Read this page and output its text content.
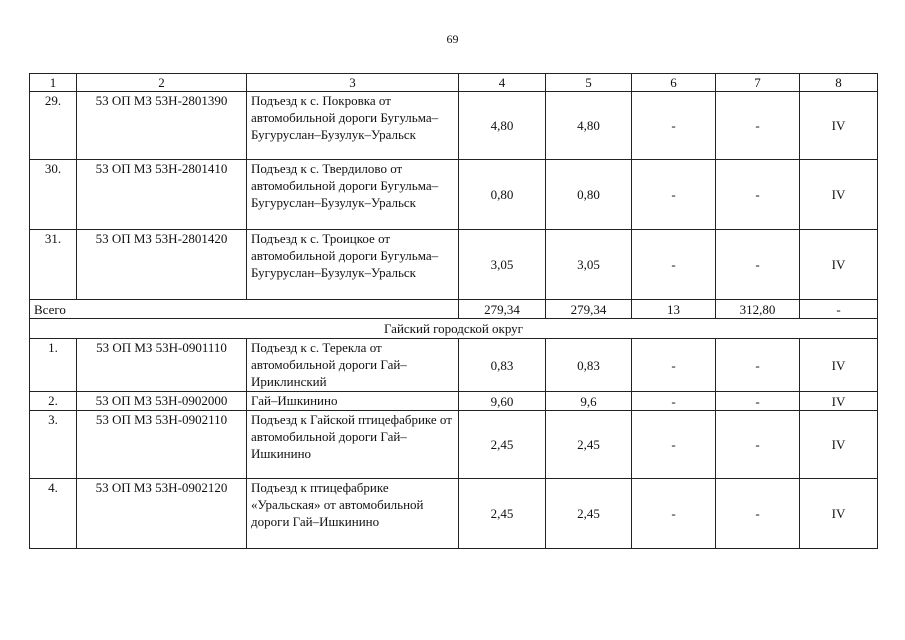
69
1	2	3	4	5	6	7	8
29.	53 ОП МЗ 53Н-2801390	Подъезд к с. Покровка от автомобильной дороги Бугульма–Бугуруслан–Бузулук–Уральск	4,80	4,80	-	-	IV
30.	53 ОП МЗ 53Н-2801410	Подъезд к с. Твердилово от автомобильной дороги Бугульма–Бугуруслан–Бузулук–Уральск	0,80	0,80	-	-	IV
31.	53 ОП МЗ 53Н-2801420	Подъезд к с. Троицкое от автомобильной дороги Бугульма–Бугуруслан–Бузулук–Уральск	3,05	3,05	-	-	IV
Всего			279,34	279,34	13	312,80	-
Гайский городской округ							
1.	53 ОП МЗ 53Н-0901110	Подъезд к с. Терекла от автомобильной дороги Гай–Ириклинский	0,83	0,83	-	-	IV
2.	53 ОП МЗ 53Н-0902000	Гай–Ишкинино	9,60	9,6	-	-	IV
3.	53 ОП МЗ 53Н-0902110	Подъезд к Гайской птицефабрике от автомобильной дороги Гай–Ишкинино	2,45	2,45	-	-	IV
4.	53 ОП МЗ 53Н-0902120	Подъезд к птицефабрике «Уральская» от автомобильной дороги Гай–Ишкинино	2,45	2,45	-	-	IV
